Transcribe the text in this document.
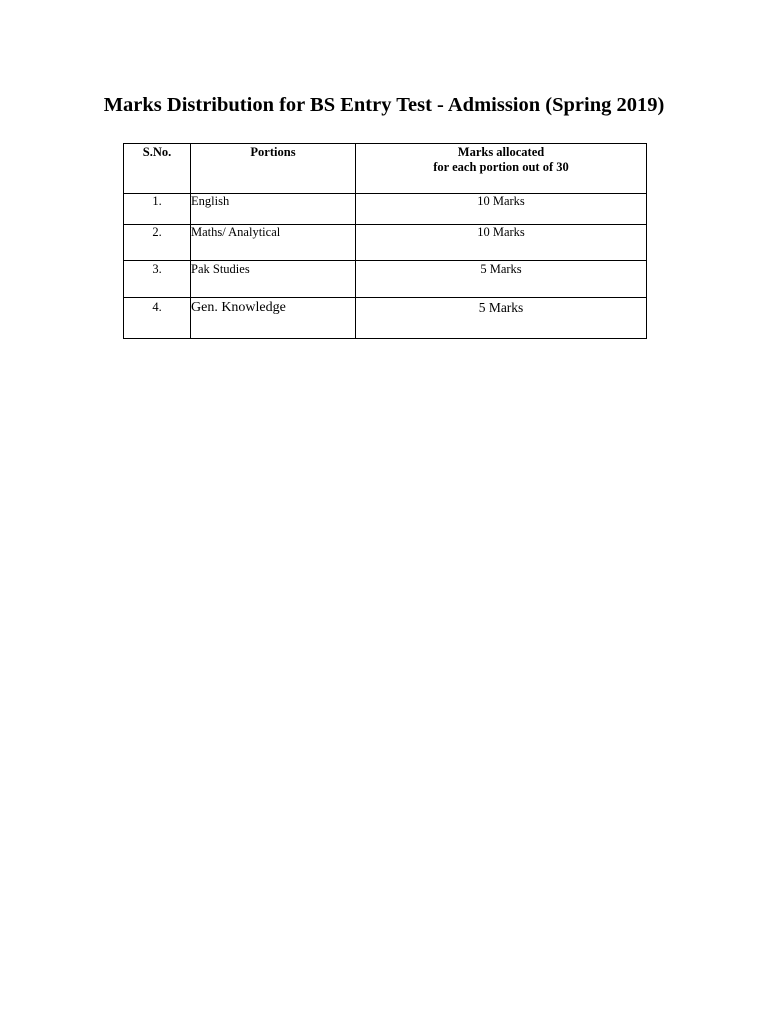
Marks Distribution for BS Entry Test - Admission (Spring 2019)
S.No.	Portions	Marks allocated
for each portion out of 30

1.	English	10 Marks
2.	Maths/ Analytical	10 Marks
3.	Pak Studies	5 Marks
4.	Gen. Knowledge	5 Marks
